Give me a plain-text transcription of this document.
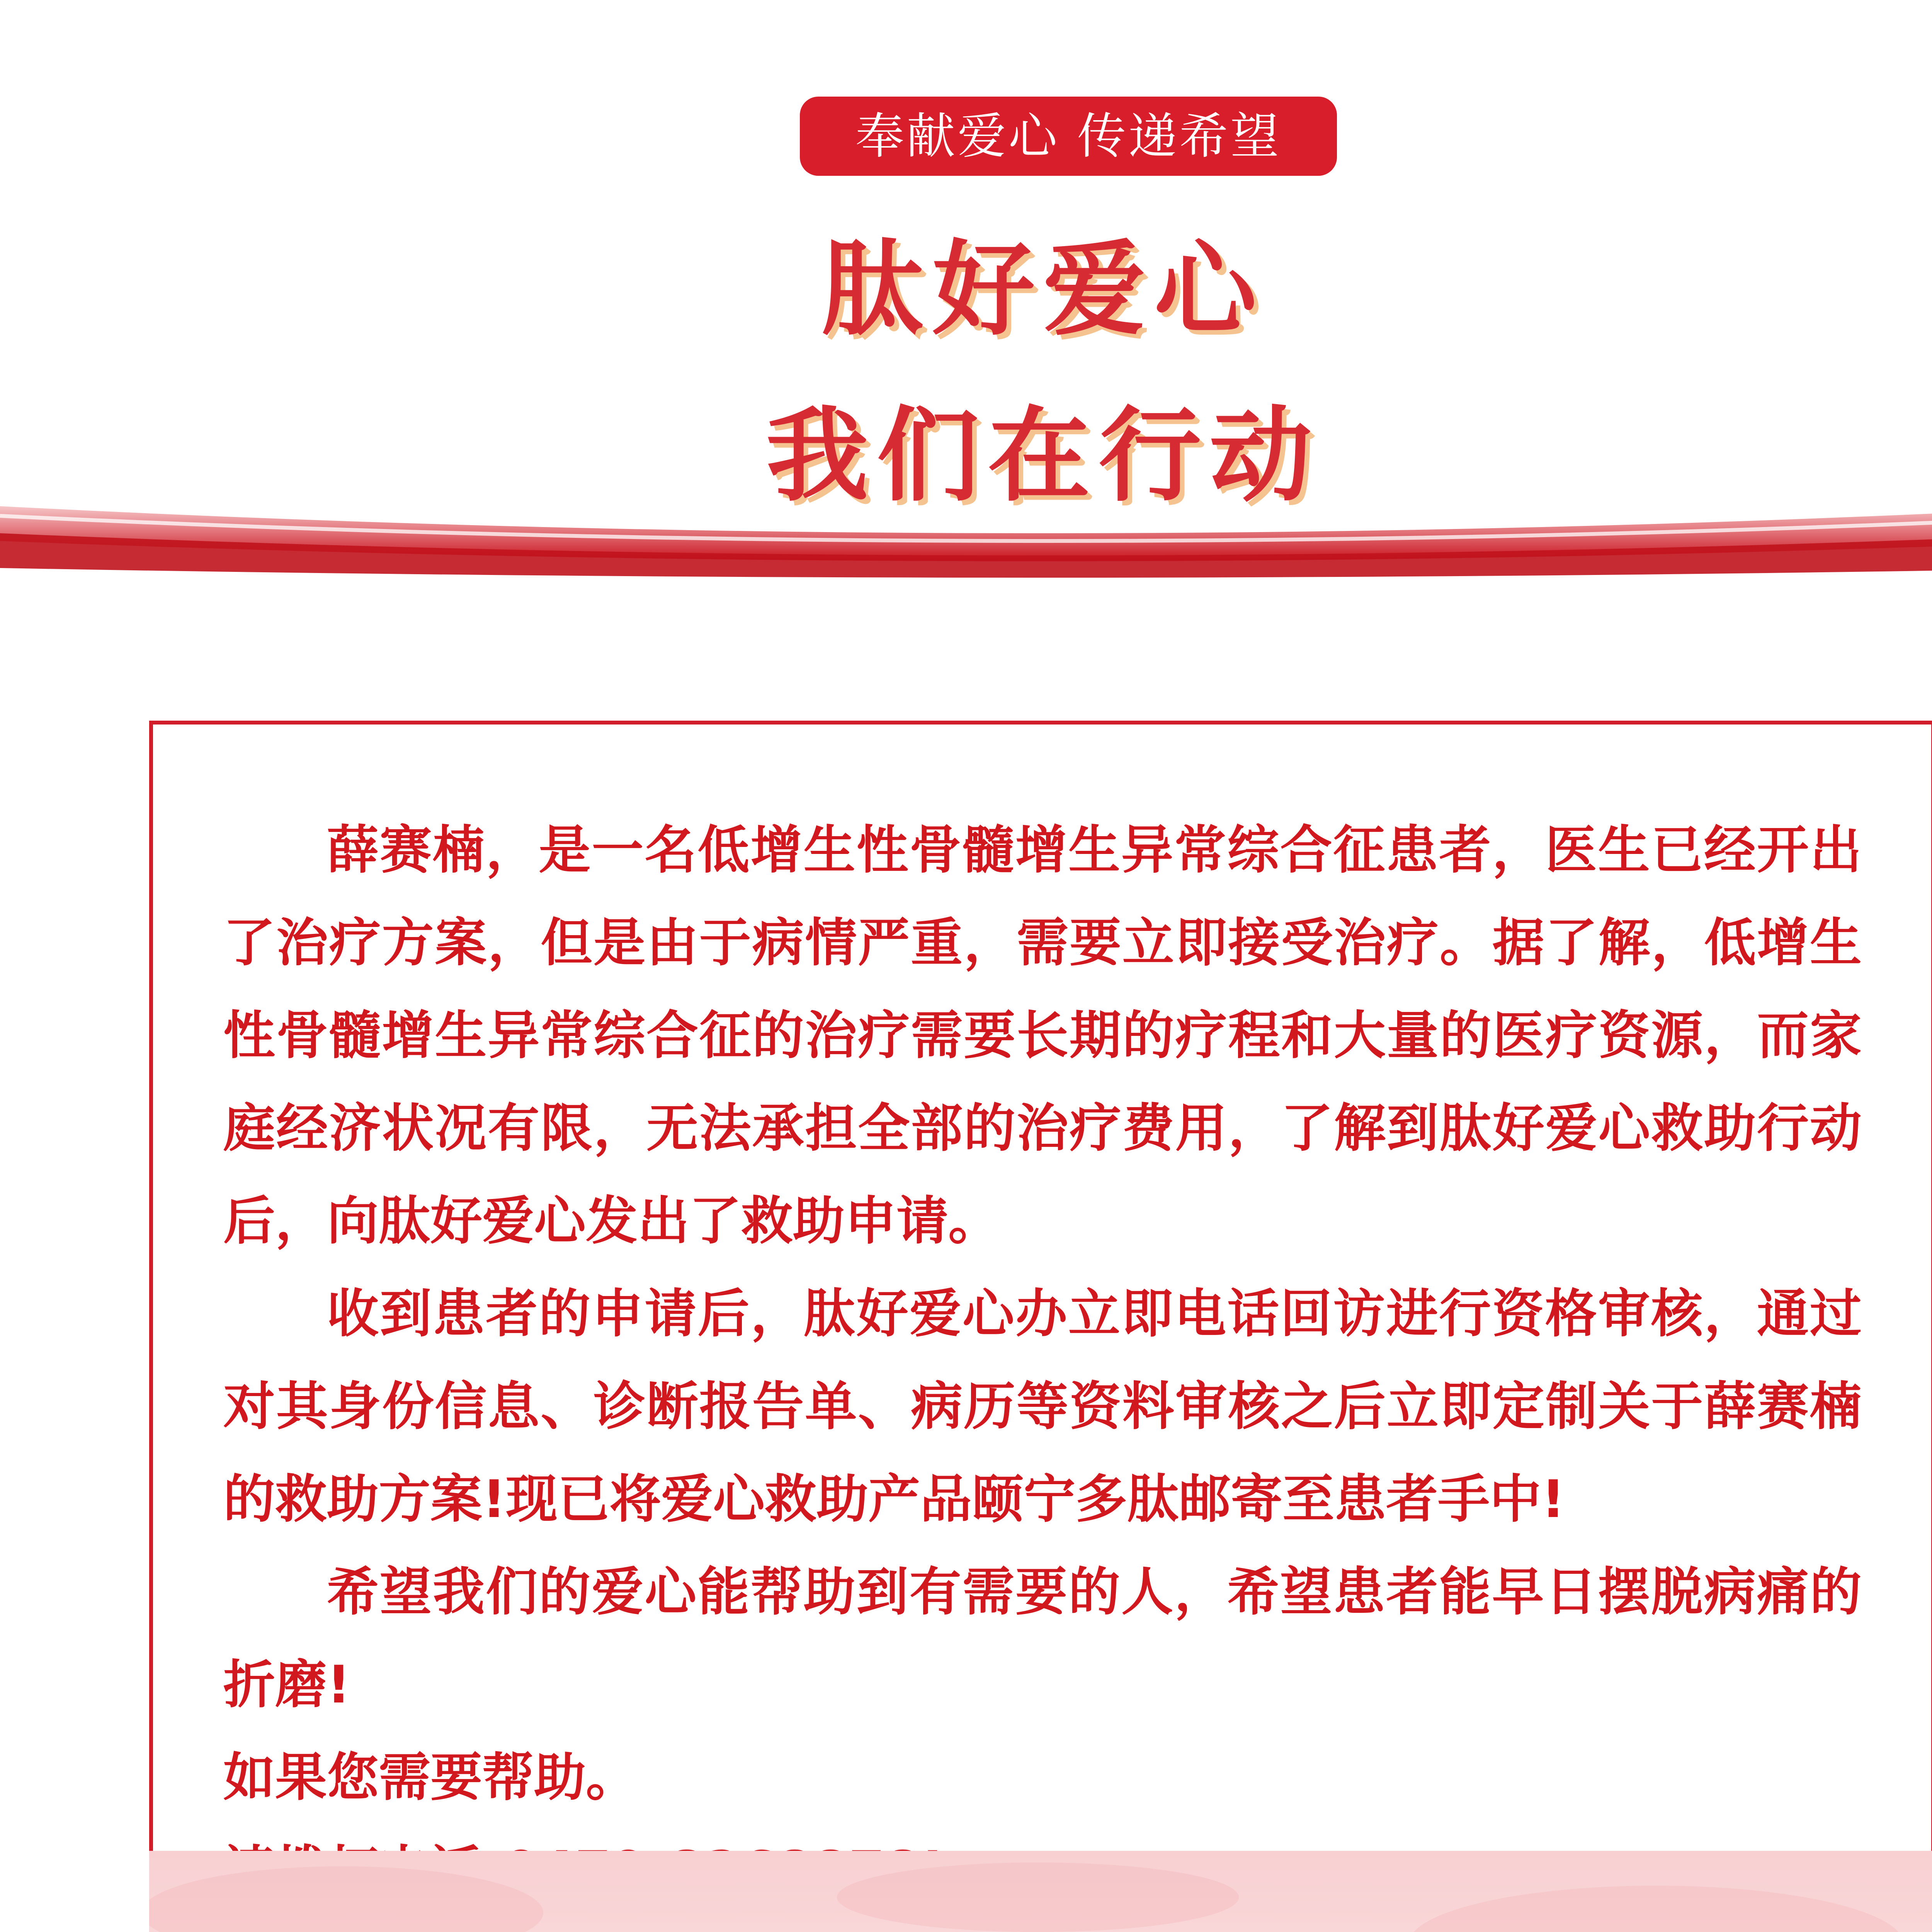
奉献爱心 传递希望
肽好爱心
我们在行动

薛赛楠，是一名低增生性骨髓增生异常综合征患者，医生已经开出了治疗方案，但是由于病情严重，需要立即接受治疗。据了解，低增生性骨髓增生异常综合征的治疗需要长期的疗程和大量的医疗资源，而家庭经济状况有限，无法承担全部的治疗费用，了解到肽好爱心救助行动后，向肽好爱心发出了救助申请。

收到患者的申请后，肽好爱心办立即电话回访进行资格审核，通过对其身份信息、诊断报告单、病历等资料审核之后立即定制关于薛赛楠的救助方案!现已将爱心救助产品颐宁多肽邮寄至患者手中!

希望我们的爱心能帮助到有需要的人，希望患者能早日摆脱病痛的折磨!

如果您需要帮助。
